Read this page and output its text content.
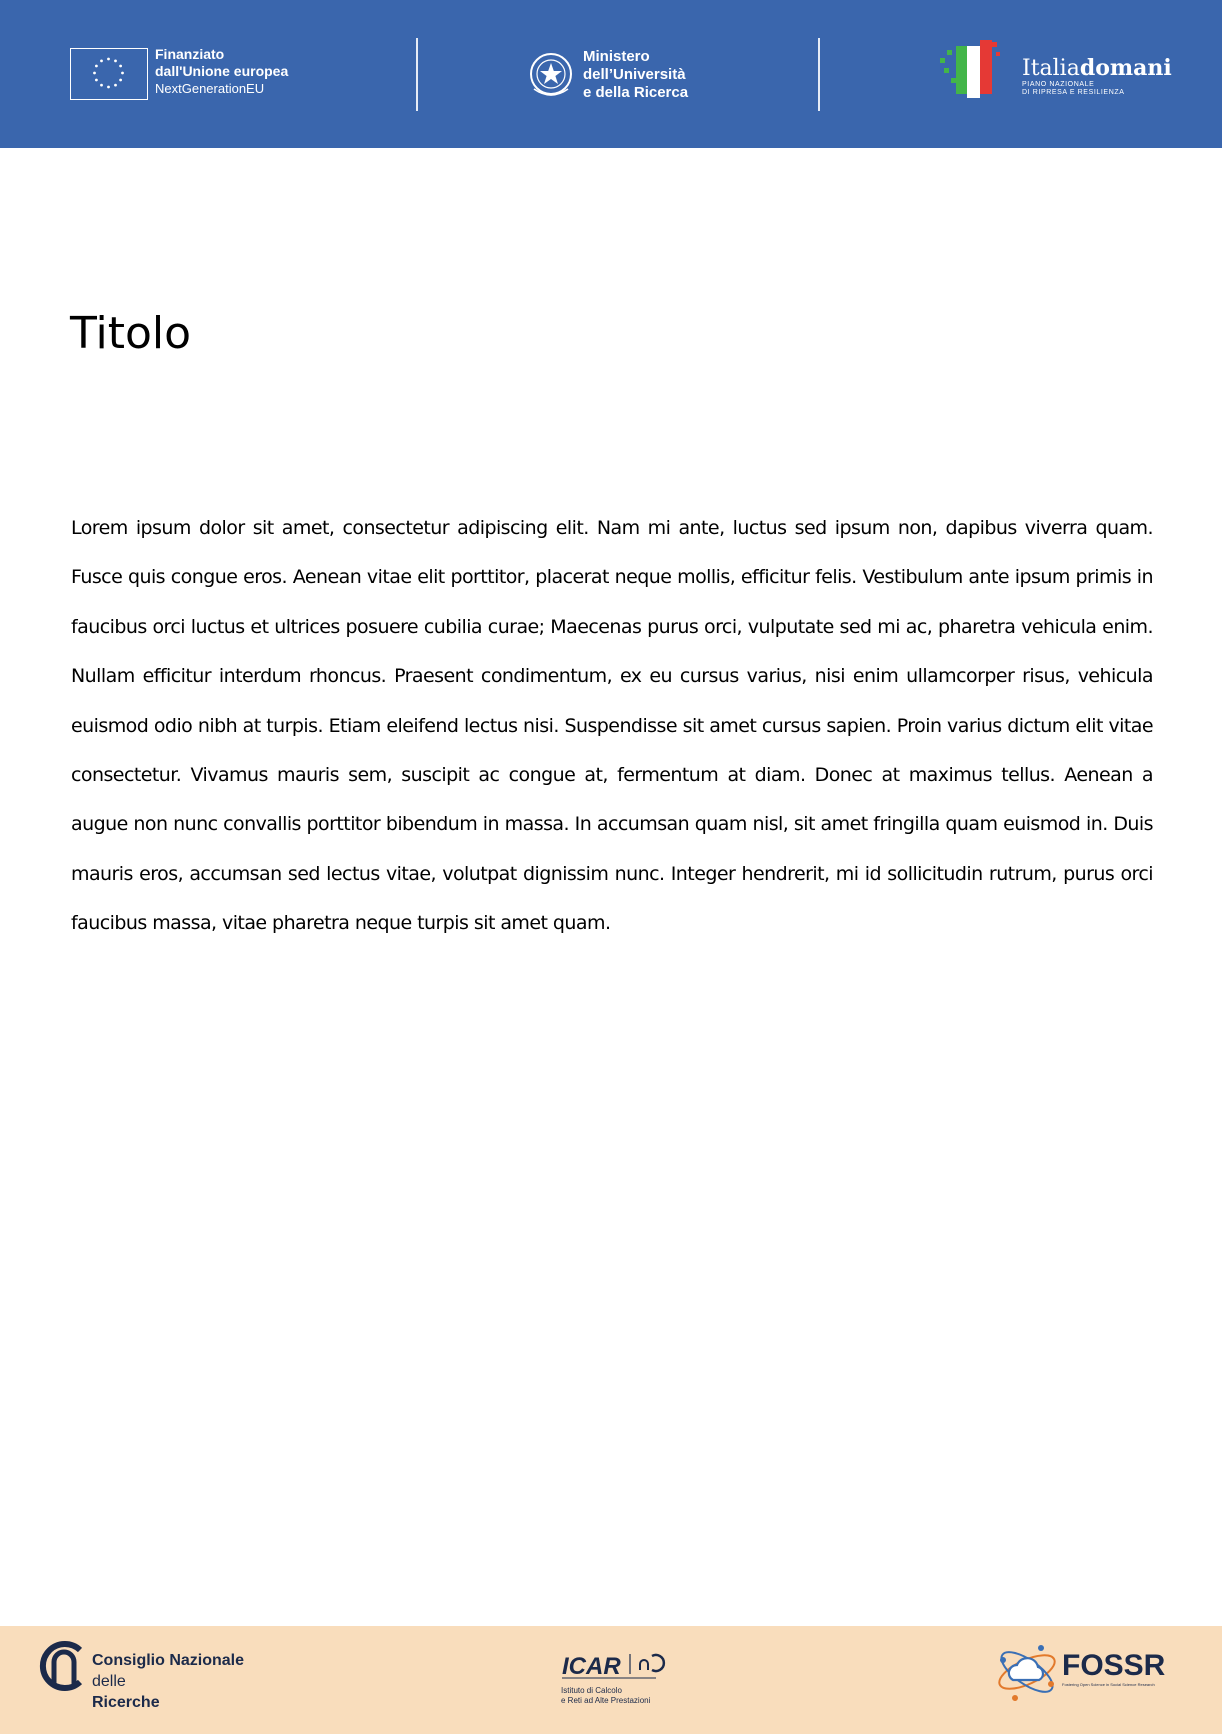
Finanziato
dall'Unione europea
NextGenerationEU
Ministero
dell’Università
e della Ricerca
Italiadomani
PIANO NAZIONALE
DI RIPRESA E RESILIENZA
Titolo

Lorem ipsum dolor sit amet, consectetur adipiscing elit. Nam mi ante, luctus sed ipsum non, dapibus viverra quam. Fusce quis congue eros. Aenean vitae elit porttitor, placerat neque mollis, efficitur felis. Vestibulum ante ipsum primis in faucibus orci luctus et ultrices posuere cubilia curae; Maecenas purus orci, vulputate sed mi ac, pharetra vehicula enim. Nullam efficitur interdum rhoncus. Praesent condimentum, ex eu cursus varius, nisi enim ullamcorper risus, vehicula euismod odio nibh at turpis. Etiam eleifend lectus nisi. Suspendisse sit amet cursus sapien. Proin varius dictum elit vitae consectetur. Vivamus mauris sem, suscipit ac congue at, fermentum at diam. Donec at maximus tellus. Aenean a augue non nunc convallis porttitor bibendum in massa. In accumsan quam nisl, sit amet fringilla quam euismod in. Duis mauris eros, accumsan sed lectus vitae, volutpat dignissim nunc. Integer hendrerit, mi id sollicitudin rutrum, purus orci faucibus massa, vitae pharetra neque turpis sit amet quam.

Consiglio Nazionale
delle
Ricerche
ICAR
Istituto di Calcolo
e Reti ad Alte Prestazioni
FOSSR
Fostering Open Science in Social Science Research
